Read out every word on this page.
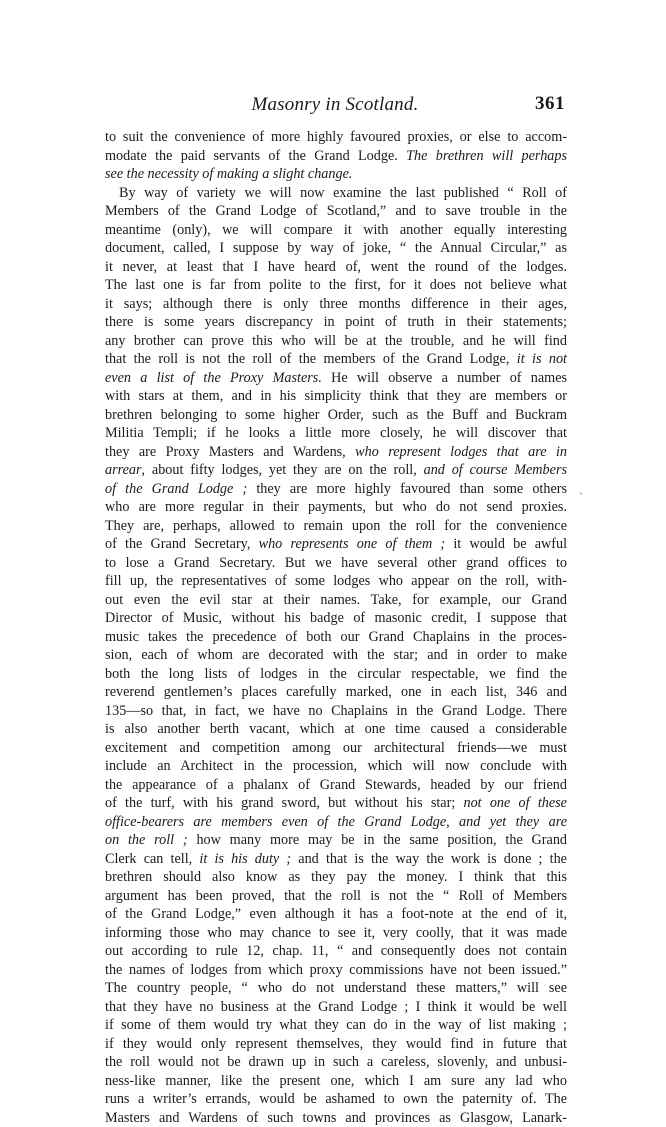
Masonry in Scotland.	361
to suit the convenience of more highly favoured proxies, or else to accom-
modate the paid servants of the Grand Lodge. The brethren will perhaps
see the necessity of making a slight change.
By way of variety we will now examine the last published “ Roll of
Members of the Grand Lodge of Scotland,” and to save trouble in the
meantime (only), we will compare it with another equally interesting
document, called, I suppose by way of joke, “ the Annual Circular,” as
it never, at least that I have heard of, went the round of the lodges.
The last one is far from polite to the first, for it does not believe what
it says; although there is only three months difference in their ages,
there is some years discrepancy in point of truth in their statements;
any brother can prove this who will be at the trouble, and he will find
that the roll is not the roll of the members of the Grand Lodge, it is not
even a list of the Proxy Masters. He will observe a number of names
with stars at them, and in his simplicity think that they are members or
brethren belonging to some higher Order, such as the Buff and Buckram
Militia Templi; if he looks a little more closely, he will discover that
they are Proxy Masters and Wardens, who represent lodges that are in
arrear, about fifty lodges, yet they are on the roll, and of course Members
of the Grand Lodge ; they are more highly favoured than some others
who are more regular in their payments, but who do not send proxies.
They are, perhaps, allowed to remain upon the roll for the convenience
of the Grand Secretary, who represents one of them ; it would be awful
to lose a Grand Secretary. But we have several other grand offices to
fill up, the representatives of some lodges who appear on the roll, with-
out even the evil star at their names. Take, for example, our Grand
Director of Music, without his badge of masonic credit, I suppose that
music takes the precedence of both our Grand Chaplains in the proces-
sion, each of whom are decorated with the star; and in order to make
both the long lists of lodges in the circular respectable, we find the
reverend gentlemen’s places carefully marked, one in each list, 346 and
135—so that, in fact, we have no Chaplains in the Grand Lodge. There
is also another berth vacant, which at one time caused a considerable
excitement and competition among our architectural friends—we must
include an Architect in the procession, which will now conclude with
the appearance of a phalanx of Grand Stewards, headed by our friend
of the turf, with his grand sword, but without his star; not one of these
office-bearers are members even of the Grand Lodge, and yet they are
on the roll ; how many more may be in the same position, the Grand
Clerk can tell, it is his duty ; and that is the way the work is done ; the
brethren should also know as they pay the money. I think that this
argument has been proved, that the roll is not the “ Roll of Members
of the Grand Lodge,” even although it has a foot-note at the end of it,
informing those who may chance to see it, very coolly, that it was made
out according to rule 12, chap. 11, “ and consequently does not contain
the names of lodges from which proxy commissions have not been issued.”
The country people, “ who do not understand these matters,” will see
that they have no business at the Grand Lodge ; I think it would be well
if some of them would try what they can do in the way of list making ;
if they would only represent themselves, they would find in future that
the roll would not be drawn up in such a careless, slovenly, and unbusi-
ness-like manner, like the present one, which I am sure any lad who
runs a writer’s errands, would be ashamed to own the paternity of. The
Masters and Wardens of such towns and provinces as Glasgow, Lanark-
`
